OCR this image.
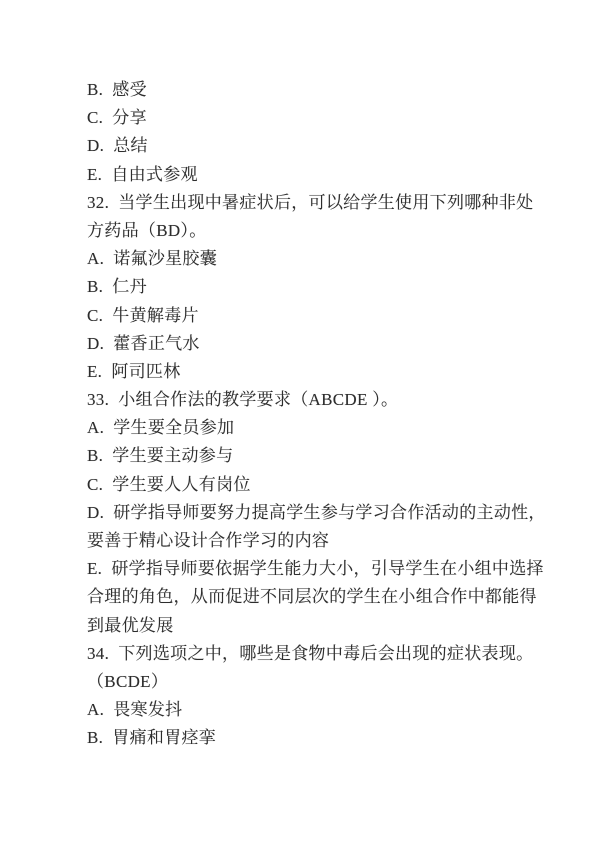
B.  感受
C.  分享
D.  总结
E.  自由式参观
32.  当学生出现中暑症状后，可以给学生使用下列哪种非处
方药品（BD）。
A.  诺氟沙星胶囊
B.  仁丹
C.  牛黄解毒片
D.  藿香正气水
E.  阿司匹林
33.  小组合作法的教学要求（ABCDE ）。
A.  学生要全员参加
B.  学生要主动参与
C.  学生要人人有岗位
D.  研学指导师要努力提高学生参与学习合作活动的主动性，
要善于精心设计合作学习的内容
E.  研学指导师要依据学生能力大小，引导学生在小组中选择
合理的角色，从而促进不同层次的学生在小组合作中都能得
到最优发展
34.  下列选项之中，哪些是食物中毒后会出现的症状表现。
（BCDE）
A.  畏寒发抖
B.  胃痛和胃痉挛
